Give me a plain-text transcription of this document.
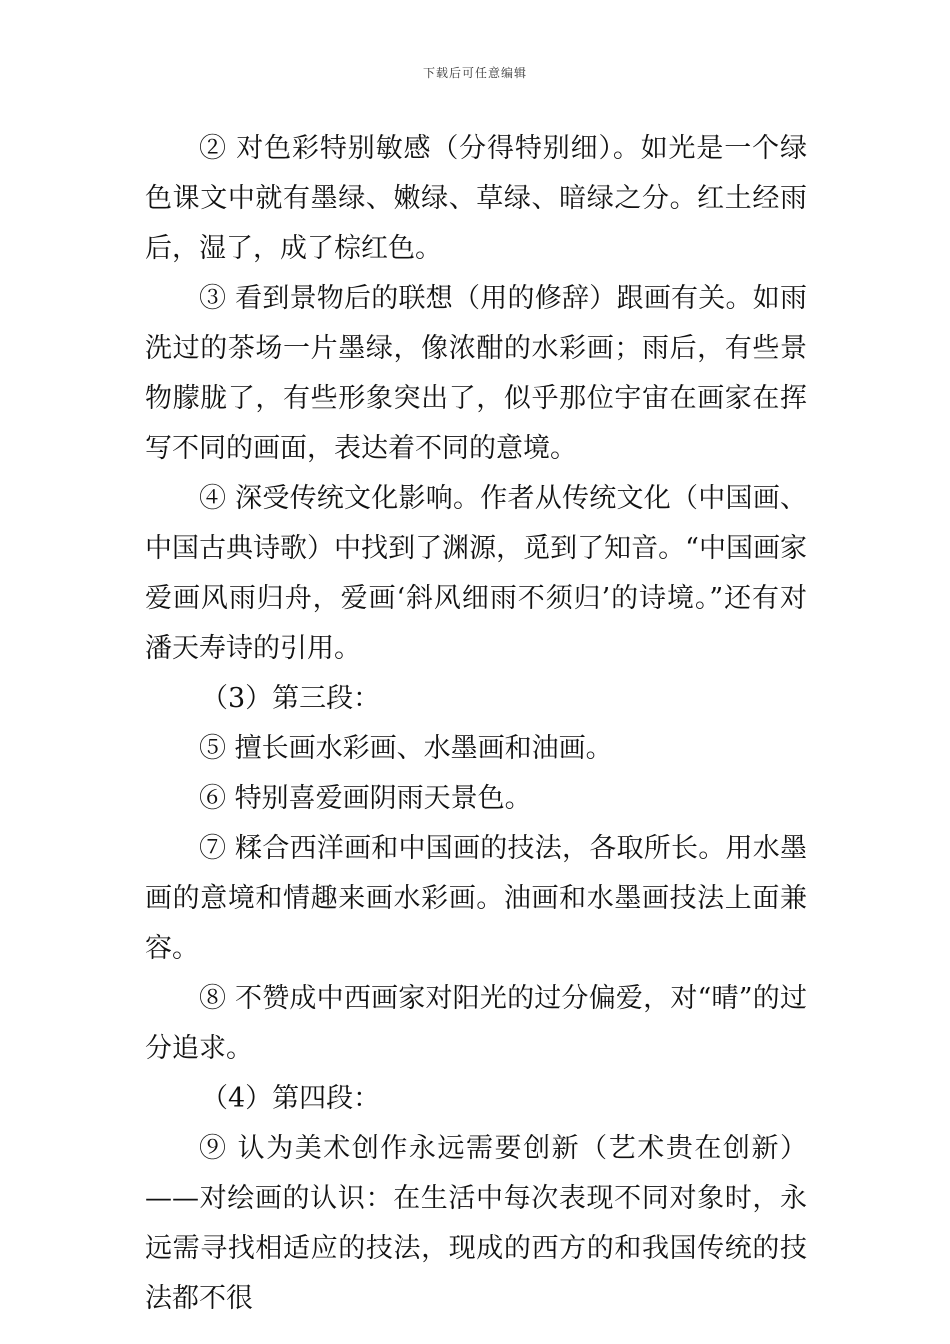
下载后可任意编辑

② 对色彩特别敏感（分得特别细）。如光是一个绿色课文中就有墨绿、嫩绿、草绿、暗绿之分。红土经雨后，湿了，成了棕红色。

③ 看到景物后的联想（用的修辞）跟画有关。如雨洗过的茶场一片墨绿，像浓酣的水彩画；雨后，有些景物朦胧了，有些形象突出了，似乎那位宇宙在画家在挥写不同的画面，表达着不同的意境。

④ 深受传统文化影响。作者从传统文化（中国画、中国古典诗歌）中找到了渊源，觅到了知音。“中国画家爱画风雨归舟，爱画‘斜风细雨不须归’的诗境。”还有对潘天寿诗的引用。

（3）第三段：

⑤ 擅长画水彩画、水墨画和油画。

⑥ 特别喜爱画阴雨天景色。

⑦ 糅合西洋画和中国画的技法，各取所长。用水墨画的意境和情趣来画水彩画。油画和水墨画技法上面兼容。

⑧ 不赞成中西画家对阳光的过分偏爱，对“晴”的过分追求。

（4）第四段：

⑨ 认为美术创作永远需要创新（艺术贵在创新）——对绘画的认识：在生活中每次表现不同对象时，永远需寻找相适应的技法，现成的西方的和我国传统的技法都不很
